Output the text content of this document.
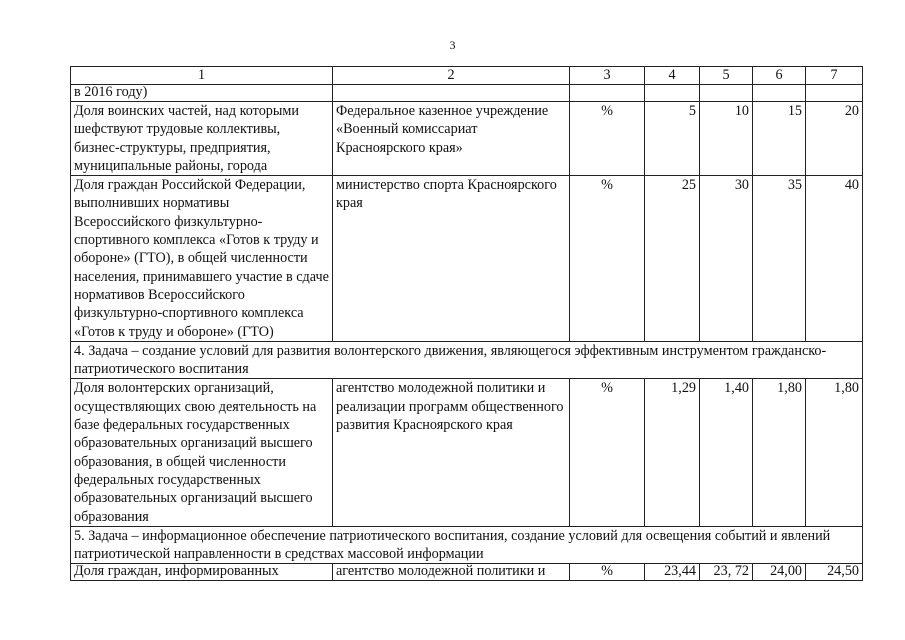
3
1	2	3	4	5	6	7
в 2016 году)						
Доля воинских частей, над которыми шефствуют трудовые коллективы, бизнес-структуры, предприятия, муниципальные районы, города	Федеральное казенное учреждение «Военный комиссариат Красноярского края»	%	5	10	15	20
Доля граждан Российской Федерации, выполнивших нормативы Всероссийского физкультурно-спортивного комплекса «Готов к труду и обороне» (ГТО), в общей численности населения, принимавшего участие в сдаче нормативов Всероссийского физкультурно-спортивного комплекса «Готов к труду и обороне» (ГТО)	министерство спорта Красноярского края	%	25	30	35	40
4. Задача – создание условий для развития волонтерского движения, являющегося эффективным инструментом гражданско-патриотического воспитания						
Доля волонтерских организаций, осуществляющих свою деятельность на базе федеральных государственных образовательных организаций высшего образования, в общей численности федеральных государственных образовательных организаций высшего образования	агентство молодежной политики и реализации программ общественного развития Красноярского края	%	1,29	1,40	1,80	1,80
5. Задача – информационное обеспечение патриотического воспитания, создание условий для освещения событий и явлений патриотической направленности в средствах массовой информации						
Доля граждан, информированных	агентство молодежной политики и	%	23,44	23, 72	24,00	24,50
